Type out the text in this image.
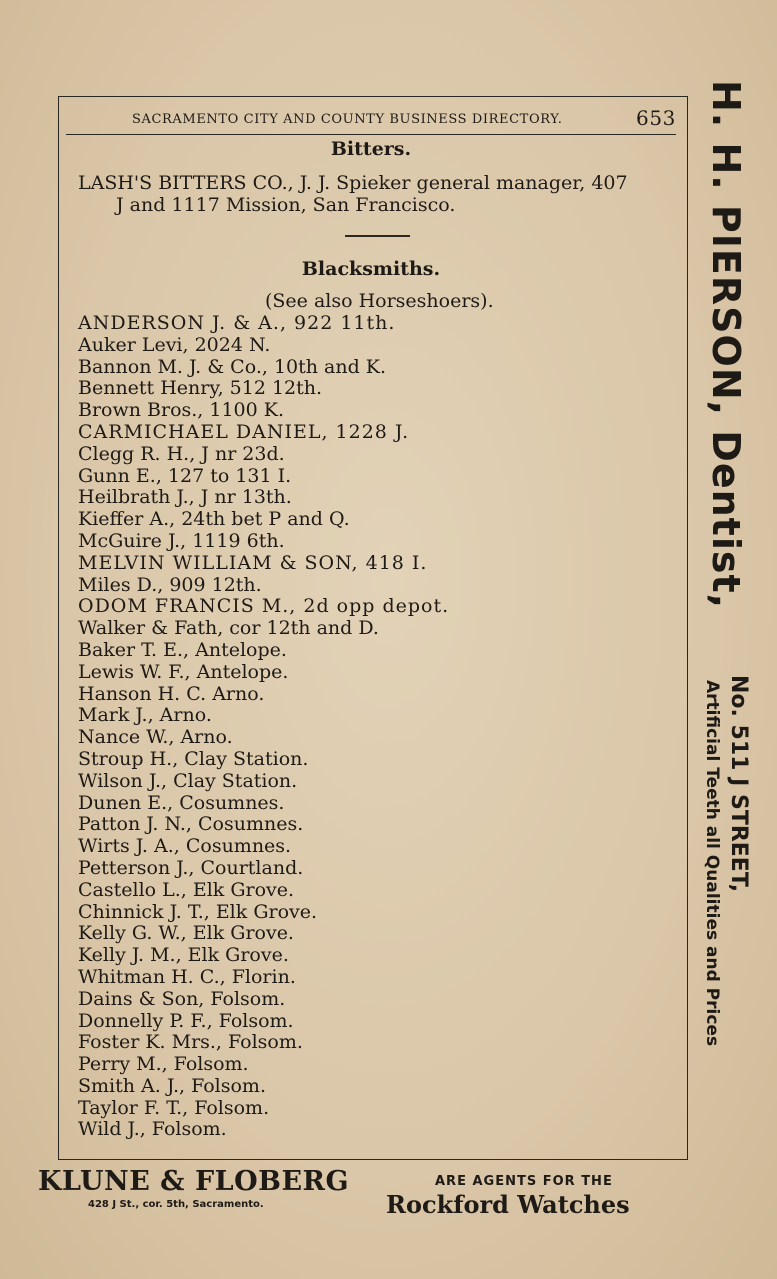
SACRAMENTO CITY AND COUNTY BUSINESS DIRECTORY.	653
Bitters.
LASH'S BITTERS CO., J. J. Spieker general manager, 407
J and 1117 Mission, San Francisco.
Blacksmiths.
(See also Horseshoers).
ANDERSON J. & A., 922 11th.
Auker Levi, 2024 N.
Bannon M. J. & Co., 10th and K.
Bennett Henry, 512 12th.
Brown Bros., 1100 K.
CARMICHAEL DANIEL, 1228 J.
Clegg R. H., J nr 23d.
Gunn E., 127 to 131 I.
Heilbrath J., J nr 13th.
Kieffer A., 24th bet P and Q.
McGuire J., 1119 6th.
MELVIN WILLIAM & SON, 418 I.
Miles D., 909 12th.
ODOM FRANCIS M., 2d opp depot.
Walker & Fath, cor 12th and D.
Baker T. E., Antelope.
Lewis W. F., Antelope.
Hanson H. C. Arno.
Mark J., Arno.
Nance W., Arno.
Stroup H., Clay Station.
Wilson J., Clay Station.
Dunen E., Cosumnes.
Patton J. N., Cosumnes.
Wirts J. A., Cosumnes.
Petterson J., Courtland.
Castello L., Elk Grove.
Chinnick J. T., Elk Grove.
Kelly G. W., Elk Grove.
Kelly J. M., Elk Grove.
Whitman H. C., Florin.
Dains & Son, Folsom.
Donnelly P. F., Folsom.
Foster K. Mrs., Folsom.
Perry M., Folsom.
Smith A. J., Folsom.
Taylor F. T., Folsom.
Wild J., Folsom.
H. H. PIERSON, Dentist,
No. 511 J STREET,
Artificial Teeth all Qualities and Prices
KLUNE & FLOBERG
428 J St., cor. 5th, Sacramento.
ARE AGENTS FOR THE
Rockford Watches
